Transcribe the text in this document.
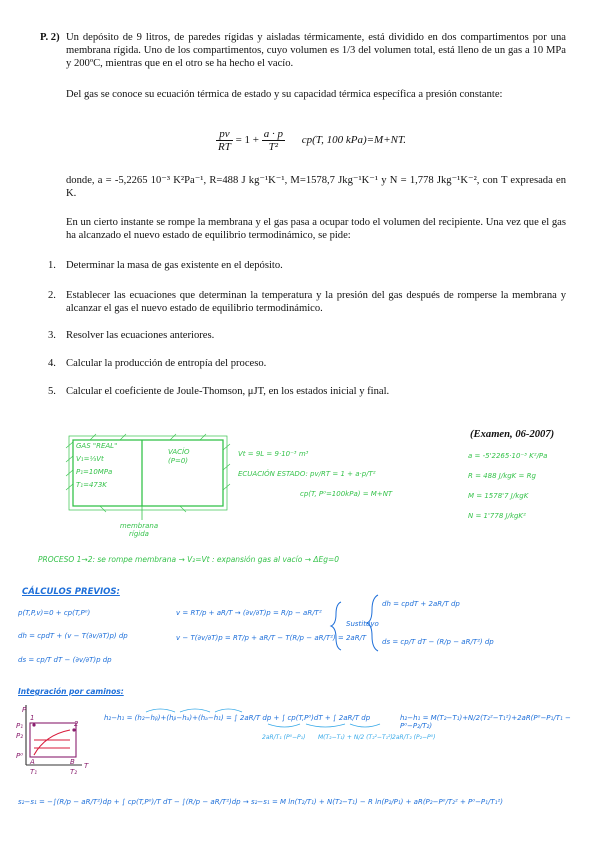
P. 2) Un depósito de 9 litros, de paredes rígidas y aisladas térmicamente, está dividido en dos compartimentos por una membrana rígida. Uno de los compartimentos, cuyo volumen es 1/3 del volumen total, está lleno de un gas a 10 MPa y 200ºC, mientras que en el otro se ha hecho el vacío.
Del gas se conoce su ecuación térmica de estado y su capacidad térmica específica a presión constante:
$\frac{pv}{RT} = 1 + \frac{a \cdot p}{\text{T²}} cp(T$, 100 kPa)=M+NT.
donde, a = -5,2265 10⁻³ K²Pa⁻¹, R=488 J kg⁻¹K⁻¹, M=1578,7 Jkg⁻¹K⁻¹ y N = 1,778 Jkg⁻¹K⁻², con T expresada en K.
En un cierto instante se rompe la membrana y el gas pasa a ocupar todo el volumen del recipiente. Una vez que el gas ha alcanzado el nuevo estado de equilibrio termodinámico, se pide:
1. Determinar la masa de gas existente en el depósito.
2. Establecer las ecuaciones que determinan la temperatura y la presión del gas después de romperse la membrana y alcanzar el gas el nuevo estado de equilibrio termodinámico.
3. Resolver las ecuaciones anteriores.
4. Calcular la producción de entropía del proceso.
5. Calcular el coeficiente de Joule-Thomson, μJT, en los estados inicial y final.
(Examen, 06-2007)
GAS "REAL"
V₁=⅓Vt
P₁=10MPa
T₁=473K
VACÍO
(P=0)
membrana rígida
Vt = 9L = 9·10⁻³ m³
ECUACIÓN ESTADO: pv/RT = 1 + a·p/T²
cp(T, P⁰=100kPa) = M+NT
a = -5'2265·10⁻³ K²/Pa
R = 488 J/kgK = Rg
M = 1578'7 J/kgK
N = 1'778 J/kgK²
PROCESO 1→2: se rompe membrana → V₂=Vt : expansión gas al vacío → ΔEg=0
CÁLCULOS PREVIOS:
p(T,P,v)=0 + cp(T,P⁰)
dh = cpdT + (v − T(∂v/∂T)p) dp
ds = cp/T dT − (∂v/∂T)p dp
v = RT/p + aR/T → (∂v/∂T)p = R/p − aR/T²
v − T(∂v/∂T)p = RT/p + aR/T − T(R/p − aR/T²) = 2aR/T
Sustituyo
dh = cpdT + 2aR/T dp
ds = cp/T dT − (R/p − aR/T²) dp
Integración por caminos:
P
T
1
2
A	B
P₁
P₂
P⁰
T₁	T₂
h₂−h₁ = (h₂−hᵦ)+(hᵦ−hₐ)+(hₐ−h₁) = ∫ 2aR/T dp + ∫ cp(T,P⁰)dT + ∫ 2aR/T dp
2aR/T₁ (P⁰−P₁) M(T₂−T₁) + N/2 (T₂²−T₁²) 2aR/T₂ (P₂−P⁰)
h₂−h₁ = M(T₂−T₁)+N/2(T₂²−T₁²)+2aR(P⁰−P₁/T₁ − P⁰−P₂/T₂)
s₂−s₁ = −∫(R/p − aR/T²)dp + ∫ cp(T,P⁰)/T dT − ∫(R/p − aR/T²)dp → s₂−s₁ = M ln(T₂/T₁) + N(T₂−T₁) − R ln(P₂/P₁) + aR(P₂−P⁰/T₂² + P⁰−P₁/T₁²)
